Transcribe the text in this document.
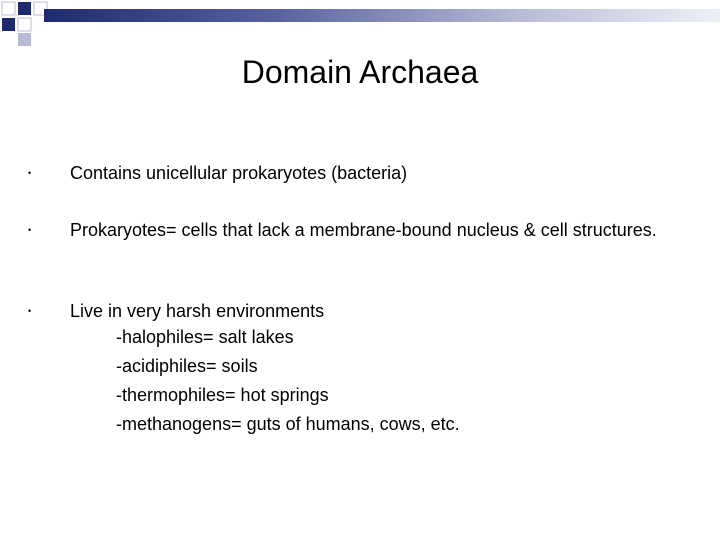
Domain Archaea
•	Contains unicellular prokaryotes (bacteria)
•	Prokaryotes= cells that lack a membrane-bound nucleus & cell structures.
•	Live in very harsh environments
-halophiles= salt lakes
-acidiphiles= soils
-thermophiles= hot springs
-methanogens= guts of humans, cows, etc.
